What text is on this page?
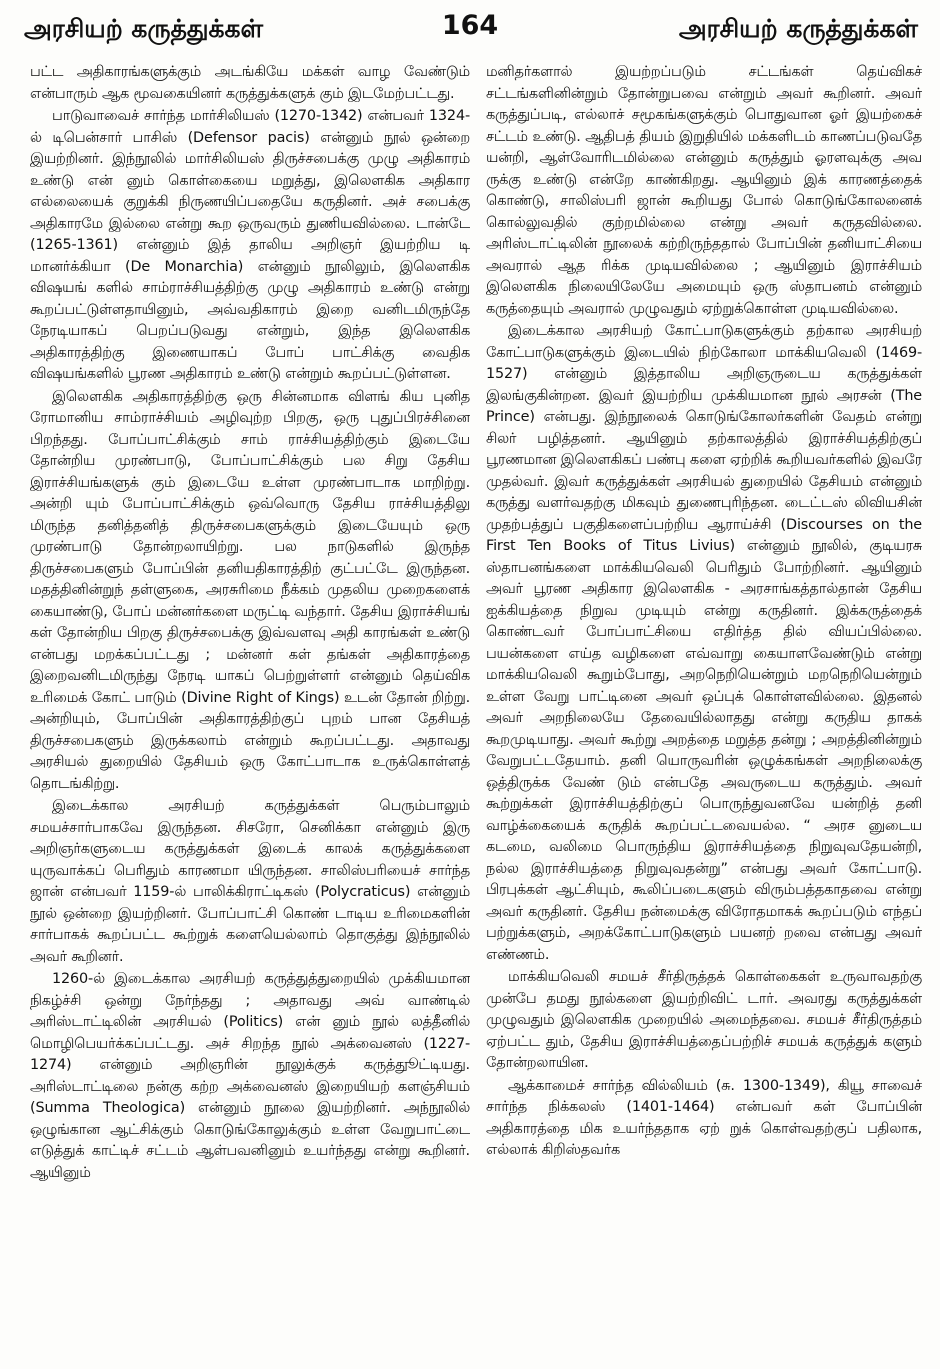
அரசியற் கருத்துக்கள்	164	அரசியற் கருத்துக்கள்

பட்ட அதிகாரங்களுக்கும் அடங்கியே மக்கள் வாழ வேண்டும் என்பாரும் ஆக மூவகையினர் கருத்துக்களுக் கும் இடமேற்பட்டது.

பாடுவாவைச் சார்ந்த மார்சிலியஸ் (1270-1342) என்பவர் 1324-ல் டிபென்சார் பாசிஸ் (Defensor pacis) என்னும் நூல் ஒன்றை இயற்றினர். இந்நூலில் மார்சிலியஸ் திருச்சபைக்கு முழு அதிகாரம் உண்டு என் னும் கொள்கையை மறுத்து, இலௌகிக அதிகார எல்லையைக் குறுக்கி நிருணயிப்பதையே கருதினர். அச் சபைக்கு அதிகாரமே இல்லை என்று கூற ஒருவரும் துணியவில்லை. டான்டே (1265-1361) என்னும் இத் தாலிய அறிஞர் இயற்றிய டி மானர்க்கியா (De Monarchia) என்னும் நூலிலும், இலௌகிக விஷயங் களில் சாம்ராச்சியத்திற்கு முழு அதிகாரம் உண்டு என்று கூறப்பட்டுள்ளதாயினும், அவ்வதிகாரம் இறை வனிடமிருந்தே நேரடியாகப் பெறப்படுவது என்றும், இந்த இலௌகிக அதிகாரத்திற்கு இணையாகப் போப் பாட்சிக்கு வைதிக விஷயங்களில் பூரண அதிகாரம் உண்டு என்றும் கூறப்பட்டுள்ளன.

இலௌகிக அதிகாரத்திற்கு ஒரு சின்னமாக விளங் கிய புனித ரோமானிய சாம்ராச்சியம் அழிவுற்ற பிறகு, ஒரு புதுப்பிரச்சினை பிறந்தது. போப்பாட்சிக்கும் சாம் ராச்சியத்திற்கும் இடையே தோன்றிய முரண்பாடு, போப்பாட்சிக்கும் பல சிறு தேசிய இராச்சியங்களுக் கும் இடையே உள்ள முரண்பாடாக மாறிற்று. அன்றி யும் போப்பாட்சிக்கும் ஒவ்வொரு தேசிய ராச்சியத்திலு மிருந்த தனித்தனித் திருச்சபைகளுக்கும் இடையேயும் ஒரு முரண்பாடு தோன்றலாயிற்று. பல நாடுகளில் இருந்த திருச்சபைகளும் போப்பின் தனியதிகாரத்திற் குட்பட்டே இருந்தன. மதத்தினின்றுந் தள்ளுகை, அரசுரிமை நீக்கம் முதலிய முறைகளைக் கையாண்டு, போப் மன்னர்களை மருட்டி வந்தார். தேசிய இராச்சியங் கள் தோன்றிய பிறகு திருச்சபைக்கு இவ்வளவு அதி காரங்கள் உண்டு என்பது மறக்கப்பட்டது ; மன்னர் கள் தங்கள் அதிகாரத்தை இறைவனிடமிருந்து நேரடி யாகப் பெற்றுள்ளர் என்னும் தெய்விக உரிமைக் கோட் பாடும் (Divine Right of Kings) உடன் தோன் றிற்று. அன்றியும், போப்பின் அதிகாரத்திற்குப் புறம் பான தேசியத் திருச்சபைகளும் இருக்கலாம் என்றும் கூறப்பட்டது. அதாவது அரசியல் துறையில் தேசியம் ஒரு கோட்பாடாக உருக்கொள்ளத் தொடங்கிற்று.

இடைக்கால அரசியற் கருத்துக்கள் பெரும்பாலும் சமயச்சார்பாகவே இருந்தன. சிசரோ, செனிக்கா என்னும் இரு அறிஞர்களுடைய கருத்துக்கள் இடைக் காலக் கருத்துக்களை யுருவாக்கப் பெரிதும் காரணமா யிருந்தன. சாலிஸ்பரியைச் சார்ந்த ஜான் என்பவர் 1159-ல் பாலிக்கிராட்டிகஸ் (Polycraticus) என்னும் நூல் ஒன்றை இயற்றினர். போப்பாட்சி கொண் டாடிய உரிமைகளின் சார்பாகக் கூறப்பட்ட கூற்றுக் களையெல்லாம் தொகுத்து இந்நூலில் அவர் கூறினர்.

1260-ல் இடைக்கால அரசியற் கருத்துத்துறையில் முக்கியமான நிகழ்ச்சி ஒன்று நேர்ந்தது ; அதாவது அவ் வாண்டில் அரிஸ்டாட்டிலின் அரசியல் (Politics) என் னும் நூல் லத்தீனில் மொழிபெயர்க்கப்பட்டது. அச் சிறந்த நூல் அக்வைனஸ் (1227-1274) என்னும் அறிஞரின் நூலுக்குக் கருத்துூட்டியது. அரிஸ்டாட்டிலை நன்கு கற்ற அக்வைனஸ் இறையியற் களஞ்சியம் (Summa Theologica) என்னும் நூலை இயற்றினர். அந்நூலில் ஒழுங்கான ஆட்சிக்கும் கொடுங்கோலுக்கும் உள்ள வேறுபாட்டை எடுத்துக் காட்டிச் சட்டம் ஆள்பவனினும் உயர்ந்தது என்று கூறினர். ஆயினும்

மனிதர்களால் இயற்றப்படும் சட்டங்கள் தெய்விகச் சட்டங்களினின்றும் தோன்றுபவை என்றும் அவர் கூறினர். அவர் கருத்துப்படி, எல்லாச் சமூகங்களுக்கும் பொதுவான ஓர் இயற்கைச் சட்டம் உண்டு. ஆதிபத் தியம் இறுதியில் மக்களிடம் காணப்படுவதே யன்றி, ஆள்வோரிடமில்லை என்னும் கருத்தும் ஓரளவுக்கு அவ ருக்கு உண்டு என்றே காண்கிறது. ஆயினும் இக் காரணத்தைக் கொண்டு, சாலிஸ்பரி ஜான் கூறியது போல் கொடுங்கோலனைக் கொல்லுவதில் குற்றமில்லை என்று அவர் கருதவில்லை. அரிஸ்டாட்டிலின் நூலைக் கற்றிருந்ததால் போப்பின் தனியாட்சியை அவரால் ஆத ரிக்க முடியவில்லை ; ஆயினும் இராச்சியம் இலௌகிக நிலையிலேயே அமையும் ஒரு ஸ்தாபனம் என்னும் கருத்தையும் அவரால் முழுவதும் ஏற்றுக்கொள்ள முடியவில்லை.

இடைக்கால அரசியற் கோட்பாடுகளுக்கும் தற்கால அரசியற் கோட்பாடுகளுக்கும் இடையில் நிற்கோலா மாக்கியவெலி (1469-1527) என்னும் இத்தாலிய அறிஞருடைய கருத்துக்கள் இலங்குகின்றன. இவர் இயற்றிய முக்கியமான நூல் அரசன் (The Prince) என்பது. இந்நூலைக் கொடுங்கோலர்களின் வேதம் என்று சிலர் பழித்தனர். ஆயினும் தற்காலத்தில் இராச்சியத்திற்குப் பூரணமான இலௌகிகப் பண்பு களை ஏற்றிக் கூறியவர்களில் இவரே முதல்வர். இவர் கருத்துக்கள் அரசியல் துறையில் தேசியம் என்னும் கருத்து வளர்வதற்கு மிகவும் துணைபுரிந்தன. டைட்டஸ் லிவியசின் முதற்பத்துப் பகுதிகளைப்பற்றிய ஆராய்ச்சி (Discourses on the First Ten Books of Titus Livius) என்னும் நூலில், குடியரசு ஸ்தாபனங்களை மாக்கியவெலி பெரிதும் போற்றினர். ஆயினும் அவர் பூரண அதிகார இலௌகிக - அரசாங்கத்தால்தான் தேசிய ஐக்கியத்தை நிறுவ முடியும் என்று கருதினர். இக்கருத்தைக் கொண்டவர் போப்பாட்சியை எதிர்த்த தில் வியப்பில்லை. பயன்களை எய்த வழிகளை எவ்வாறு கையாளவேண்டும் என்று மாக்கியவெலி கூறும்போது, அறநெறியென்றும் மறநெறியென்றும் உள்ள வேறு பாட்டினை அவர் ஒப்புக் கொள்ளவில்லை. இதனல் அவர் அறநிலையே தேவையில்லாதது என்று கருதிய தாகக் கூறமுடியாது. அவர் கூற்று அறத்தை மறுத்த தன்று ; அறத்தினின்றும் வேறுபட்டதேயாம். தனி யொருவரின் ஒழுக்கங்கள் அறநிலைக்கு ஒத்திருக்க வேண் டும் என்பதே அவருடைய கருத்தும். அவர் கூற்றுக்கள் இராச்சியத்திற்குப் பொருந்துவனவே யன்றித் தனி வாழ்க்கையைக் கருதிக் கூறப்பட்டவையல்ல. “ அரச னுடைய கடமை, வலிமை பொருந்திய இராச்சியத்தை நிறுவுவதேயன்றி, நல்ல இராச்சியத்தை நிறுவுவதன்று” என்பது அவர் கோட்பாடு. பிரபுக்கள் ஆட்சியும், கூலிப்படைகளும் விரும்பத்தகாதவை என்று அவர் கருதினர். தேசிய நன்மைக்கு விரோதமாகக் கூறப்படும் எந்தப் பற்றுக்களும், அறக்கோட்பாடுகளும் பயனற் றவை என்பது அவர் எண்ணம்.

மாக்கியவெலி சமயச் சீர்திருத்தக் கொள்கைகள் உருவாவதற்கு முன்பே தமது நூல்களை இயற்றிவிட் டார். அவரது கருத்துக்கள் முழுவதும் இலௌகிக முறையில் அமைந்தவை. சமயச் சீர்திருத்தம் ஏற்பட்ட தும், தேசிய இராச்சியத்தைப்பற்றிச் சமயக் கருத்துக் களும் தோன்றலாயின.

ஆக்காமைச் சார்ந்த வில்லியம் (சு. 1300-1349), கியூ சாவைச் சார்ந்த நிக்கலஸ் (1401-1464) என்பவர் கள் போப்பின் அதிகாரத்தை மிக உயர்ந்ததாக ஏற் றுக் கொள்வதற்குப் பதிலாக, எல்லாக் கிறிஸ்தவர்க
